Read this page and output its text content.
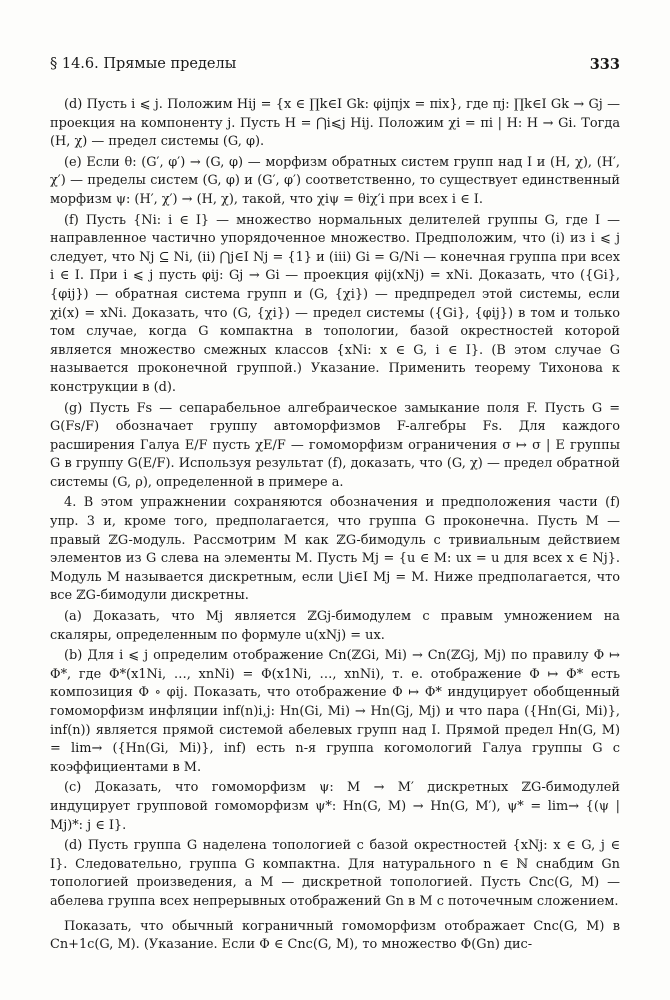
§ 14.6. Прямые пределы	333

(d) Пусть i ⩽ j. Положим Hij = {x ∈ ∏k∈I Gk: φijπjx = πix}, где πj: ∏k∈I Gk → Gj — проекция на компоненту j. Пусть H = ⋂i⩽j Hij. Положим χi = πi | H: H → Gi. Тогда (H, χ) — предел системы (G, φ).

(e) Если θ: (G′, φ′) → (G, φ) — морфизм обратных систем групп над I и (H, χ), (H′, χ′) — пределы систем (G, φ) и (G′, φ′) соответственно, то существует единственный морфизм ψ: (H′, χ′) → (H, χ), такой, что χiψ = θiχ′i при всех i ∈ I.

(f) Пусть {Ni: i ∈ I} — множество нормальных делителей группы G, где I — направленное частично упорядоченное множество. Предположим, что (i) из i ⩽ j следует, что Nj ⊆ Ni, (ii) ⋂j∈I Nj = {1} и (iii) Gi = G/Ni — конечная группа при всех i ∈ I. При i ⩽ j пусть φij: Gj → Gi — проекция φij(xNj) = xNi. Доказать, что ({Gi}, {φij}) — обратная система групп и (G, {χi}) — предпредел этой системы, если χi(x) = xNi. Доказать, что (G, {χi}) — предел системы ({Gi}, {φij}) в том и только том случае, когда G компактна в топологии, базой окрестностей которой является множество смежных классов {xNi: x ∈ G, i ∈ I}. (В этом случае G называется проконечной группой.) Указание. Применить теорему Тихонова к конструкции в (d).

(g) Пусть Fs — сепарабельное алгебраическое замыкание поля F. Пусть G = G(Fs/F) обозначает группу автоморфизмов F-алгебры Fs. Для каждого расширения Галуа E/F пусть χE/F — гомоморфизм ограничения σ ↦ σ | E группы G в группу G(E/F). Используя результат (f), доказать, что (G, χ) — предел обратной системы (G, ρ), определенной в примере a.

4. В этом упражнении сохраняются обозначения и предположения части (f) упр. 3 и, кроме того, предполагается, что группа G проконечна. Пусть M — правый ℤG-модуль. Рассмотрим M как ℤG-бимодуль с тривиальным действием элементов из G слева на элементы M. Пусть Mj = {u ∈ M: ux = u для всех x ∈ Nj}. Модуль M называется дискретным, если ⋃i∈I Mj = M. Ниже предполагается, что все ℤG-бимодули дискретны.

(a) Доказать, что Mj является ℤGj-бимодулем с правым умножением на скаляры, определенным по формуле u(xNj) = ux.

(b) Для i ⩽ j определим отображение Cn(ℤGi, Mi) → Cn(ℤGj, Mj) по правилу Φ ↦ Φ*, где Φ*(x1Ni, …, xnNi) = Φ(x1Ni, …, xnNi), т. е. отображение Φ ↦ Φ* есть композиция Φ ∘ φij. Показать, что отображение Φ ↦ Φ* индуцирует обобщенный гомоморфизм инфляции inf(n)i,j: Hn(Gi, Mi) → Hn(Gj, Mj) и что пара ({Hn(Gi, Mi)}, inf(n)) является прямой системой абелевых групп над I. Прямой предел Hn(G, M) = lim→ ({Hn(Gi, Mi)}, inf) есть n-я группа когомологий Галуа группы G с коэффициентами в M.

(c) Доказать, что гомоморфизм ψ: M → M′ дискретных ℤG-бимодулей индуцирует групповой гомоморфизм ψ*: Hn(G, M) → Hn(G, M′), ψ* = lim→ {(ψ | Mj)*: j ∈ I}.

(d) Пусть группа G наделена топологией с базой окрестностей {xNj: x ∈ G, j ∈ I}. Следовательно, группа G компактна. Для натурального n ∈ ℕ снабдим Gn топологией произведения, а M — дискретной топологией. Пусть Cnc(G, M) — абелева группа всех непрерывных отображений Gn в M с поточечным сложением.

Показать, что обычный кограничный гомоморфизм отображает Cnc(G, M) в Cn+1c(G, M). (Указание. Если Φ ∈ Cnc(G, M), то множество Φ(Gn) дис-
